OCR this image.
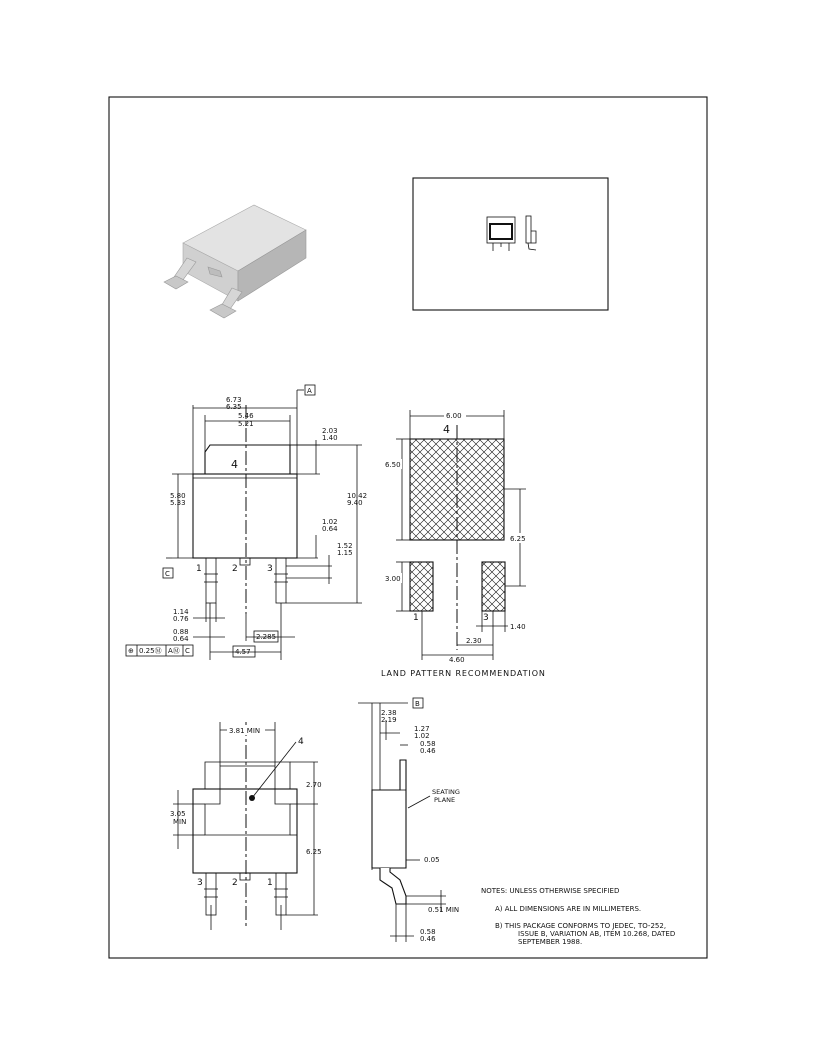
6.73
6.35
A
5.46
5.21
2.03
1.40
5.80
5.33
C
10.42
9.40
1.02
0.64
1.52
1.15
4
1	2	3
1.14
0.76
0.88
0.64	2.285
4.57
⊕ 0.25Ⓜ AⓂ C
6.00
4
6.50
6.25
3.00
1	3
1.40
2.30
4.60
LAND PATTERN RECOMMENDATION
3.81 MIN
4
2.70
3.05
MIN
6.25
3	2	1
B
2.38
2.19
1.27
1.02
0.58
0.46
SEATING
PLANE
0.05
0.51 MIN
0.58
0.46
NOTES: UNLESS OTHERWISE SPECIFIED
A) ALL DIMENSIONS ARE IN MILLIMETERS.
B) THIS PACKAGE CONFORMS TO JEDEC, TO-252,
ISSUE B, VARIATION AB, ITEM 10.268, DATED
SEPTEMBER 1988.
